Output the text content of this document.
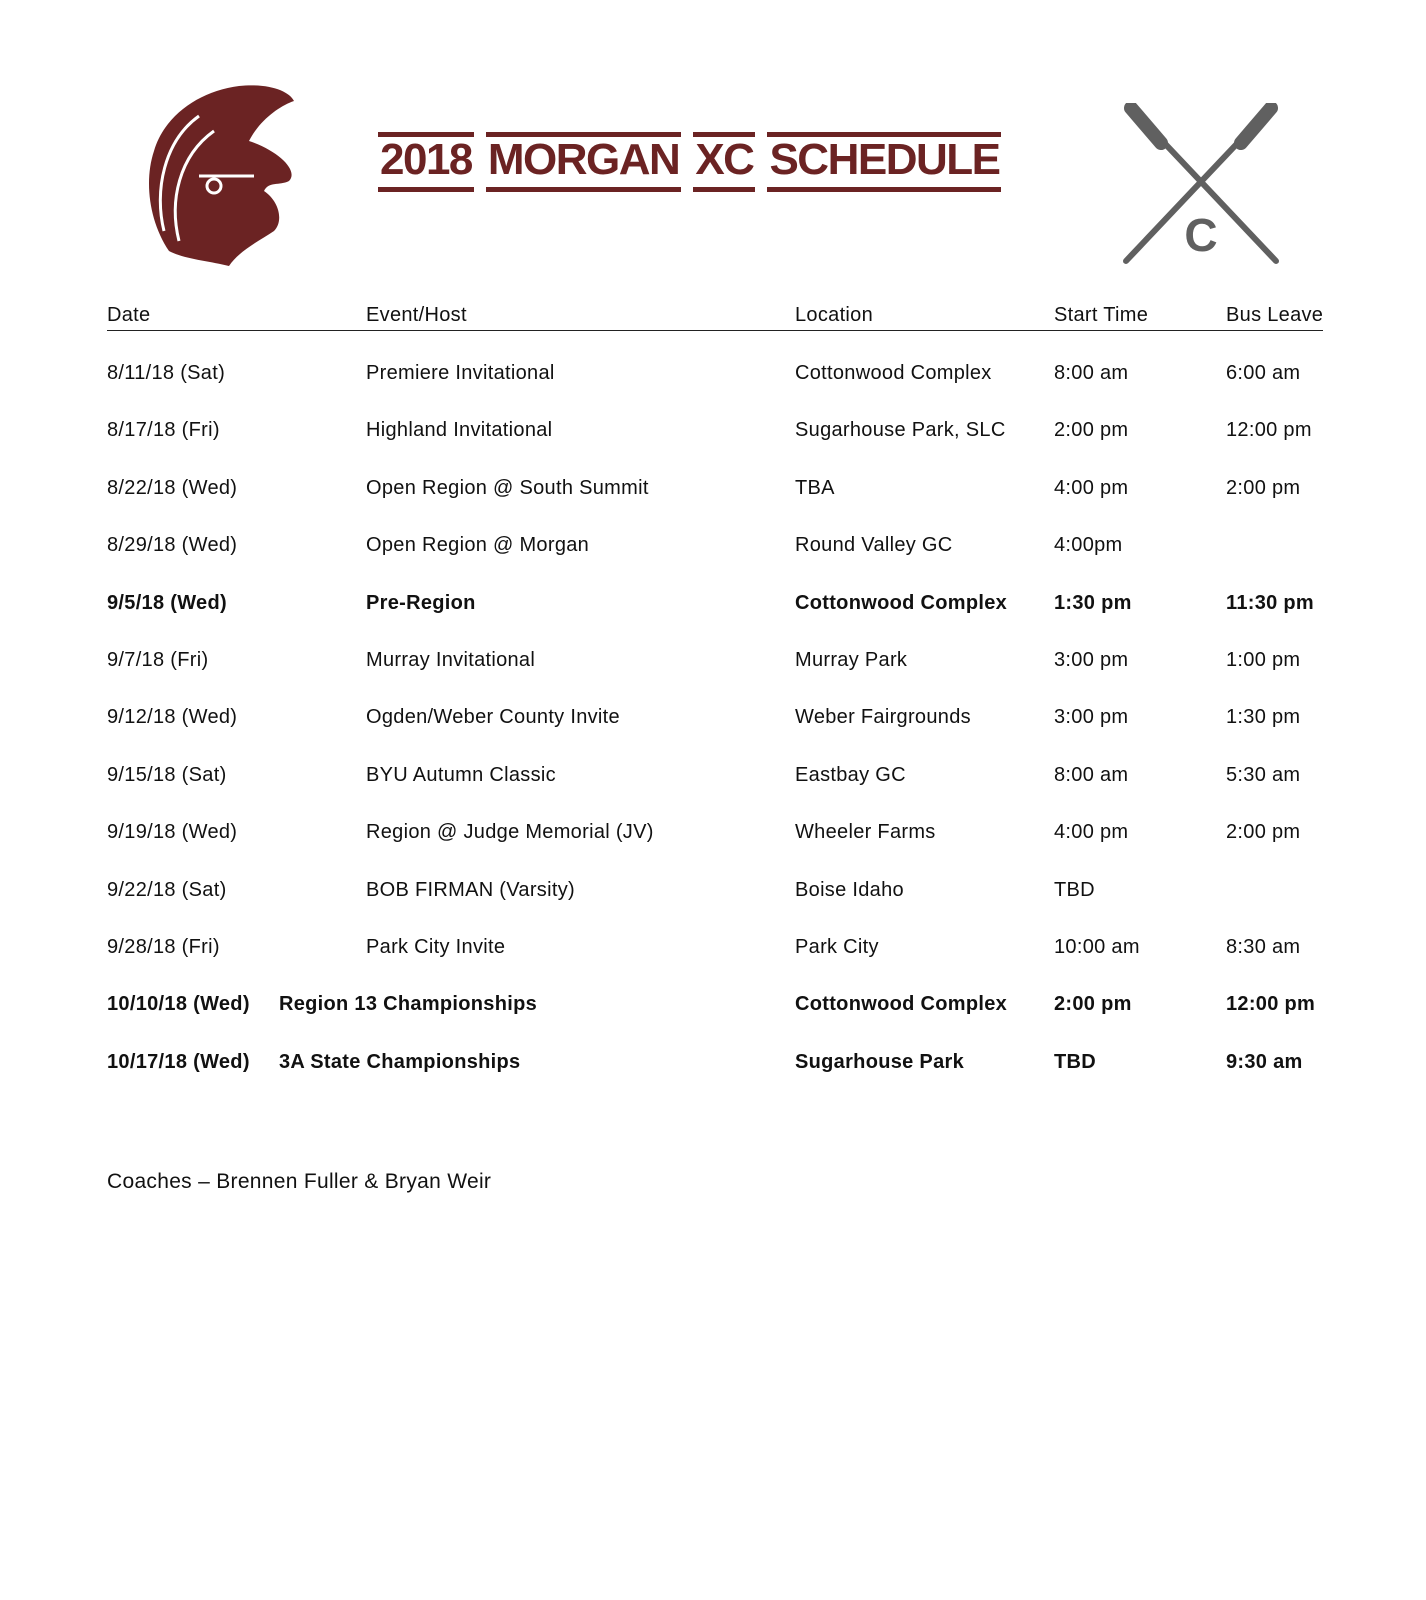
2018 MORGAN XC SCHEDULE
C
Date	Event/Host	Location	Start Time	Bus Leave
8/11/18 (Sat)	Premiere Invitational	Cottonwood Complex	8:00 am	6:00 am
8/17/18 (Fri)	Highland Invitational	Sugarhouse Park, SLC 2:00 pm	12:00 pm
8/22/18 (Wed)	Open Region @ South Summit	TBA	4:00 pm	2:00 pm
8/29/18 (Wed)	Open Region @ Morgan	Round Valley GC	4:00pm
9/5/18 (Wed)	Pre-Region	Cottonwood Complex 1:30 pm	11:30 pm
9/7/18 (Fri)	Murray Invitational	Murray Park	3:00 pm	1:00 pm
9/12/18 (Wed)	Ogden/Weber County Invite	Weber Fairgrounds	3:00 pm	1:30 pm
9/15/18 (Sat)	BYU Autumn Classic	Eastbay GC	8:00 am	5:30 am
9/19/18 (Wed)	Region @ Judge Memorial (JV)	Wheeler Farms	4:00 pm	2:00 pm
9/22/18 (Sat)	BOB FIRMAN (Varsity)	Boise Idaho	TBD
9/28/18 (Fri)	Park City Invite	Park City	10:00 am	8:30 am
10/10/18 (Wed) Region 13 Championships	Cottonwood Complex 2:00 pm	12:00 pm
10/17/18 (Wed) 3A State Championships	Sugarhouse Park	TBD	9:30 am
Coaches – Brennen Fuller & Bryan Weir
